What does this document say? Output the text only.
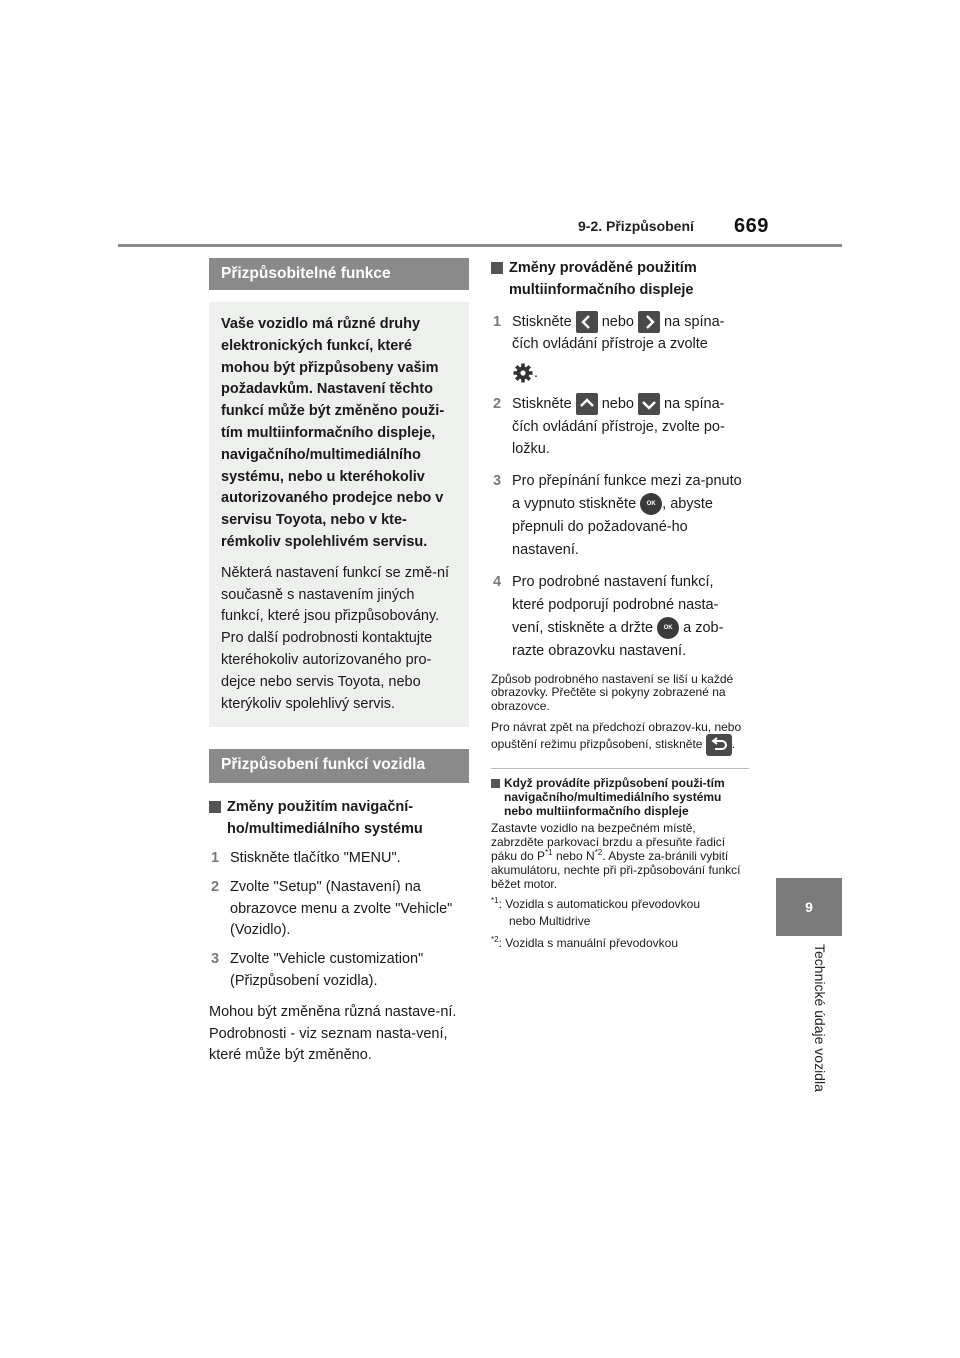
9-2. Přizpůsobení 669
9
Technické údaje vozidla
Přizpůsobitelné funkce
Vaše vozidlo má různé druhy elektronických funkcí, které mohou být přizpůsobeny vašim požadavkům. Nastavení těchto funkcí může být změněno použi-tím multiinformačního displeje, navigačního/multimediálního systému, nebo u kteréhokoliv autorizovaného prodejce nebo v servisu Toyota, nebo v kte-rémkoliv spolehlivém servisu.
Některá nastavení funkcí se změ-ní současně s nastavením jiných funkcí, které jsou přizpůsobovány. Pro další podrobnosti kontaktujte kteréhokoliv autorizovaného pro-dejce nebo servis Toyota, nebo kterýkoliv spolehlivý servis.
Přizpůsobení funkcí vozidla
Změny použitím navigační-ho/multimediálního systému
1 Stiskněte tlačítko "MENU".
2 Zvolte "Setup" (Nastavení) na obrazovce menu a zvolte "Vehicle" (Vozidlo).
3 Zvolte "Vehicle customization" (Přizpůsobení vozidla).
Mohou být změněna různá nastave-ní. Podrobnosti - viz seznam nasta-vení, které může být změněno.
Změny prováděné použitím multiinformačního displeje
1 Stiskněte nebo na spína-čích ovládání přístroje a zvolte
.
2 Stiskněte nebo na spína-čích ovládání přístroje, zvolte po-ložku.
3 Pro přepínání funkce mezi za-pnuto a vypnuto stiskněte OK , abyste přepnuli do požadované-ho nastavení.
4 Pro podrobné nastavení funkcí, které podporují podrobné nasta-vení, stiskněte a držte OK a zob-razte obrazovku nastavení.
Způsob podrobného nastavení se liší u každé obrazovky. Přečtěte si pokyny zobrazené na obrazovce.
Pro návrat zpět na předchozí obrazov-ku, nebo opuštění režimu přizpůsobení, stiskněte .
Když provádíte přizpůsobení použi-tím navigačního/multimediálního systému nebo multiinformačního displeje
Zastavte vozidlo na bezpečném místě, zabrzděte parkovací brzdu a přesuňte řadicí páku do $P^{*1}$ nebo $N^{*2}$. Abyste za-bránili vybití akumulátoru, nechte při při-způsobování funkcí běžet motor.
$^{*1}$: Vozidla s automatickou převodovkou
nebo Multidrive
$^{*2}$: Vozidla s manuální převodovkou
